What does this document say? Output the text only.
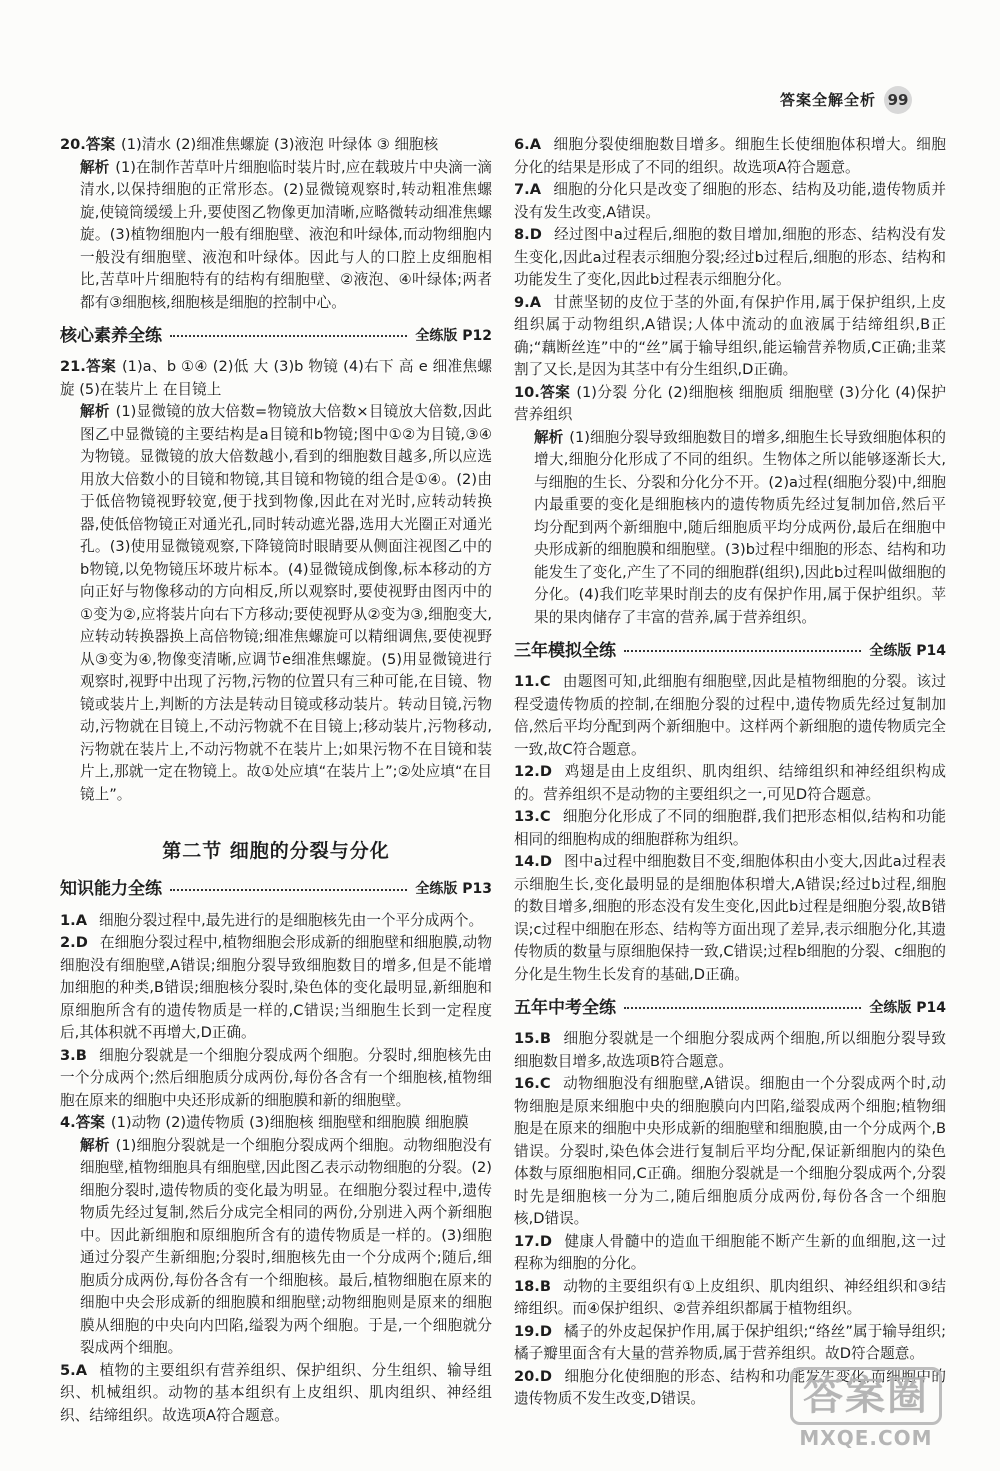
答案全解全析 99

20.答案 (1)清水 (2)细准焦螺旋 (3)液泡 叶绿体 ③ 细胞核

解析 (1)在制作苦草叶片细胞临时装片时,应在载玻片中央滴一滴清水,以保持细胞的正常形态。(2)显微镜观察时,转动粗准焦螺旋,使镜筒缓缓上升,要使图乙物像更加清晰,应略微转动细准焦螺旋。(3)植物细胞内一般有细胞壁、液泡和叶绿体,而动物细胞内一般没有细胞壁、液泡和叶绿体。因此与人的口腔上皮细胞相比,苦草叶片细胞特有的结构有细胞壁、②液泡、④叶绿体;两者都有③细胞核,细胞核是细胞的控制中心。

核心素养全练	全练版 P12

21.答案 (1)a、b ①④ (2)低 大 (3)b 物镜 (4)右下 高 e 细准焦螺旋 (5)在装片上 在目镜上

解析 (1)显微镜的放大倍数=物镜放大倍数×目镜放大倍数,因此图乙中显微镜的主要结构是a目镜和b物镜;图中①②为目镜,③④为物镜。显微镜的放大倍数越小,看到的细胞数目越多,所以应选用放大倍数小的目镜和物镜,其目镜和物镜的组合是①④。(2)由于低倍物镜视野较宽,便于找到物像,因此在对光时,应转动转换器,使低倍物镜正对通光孔,同时转动遮光器,选用大光圈正对通光孔。(3)使用显微镜观察,下降镜筒时眼睛要从侧面注视图乙中的b物镜,以免物镜压坏玻片标本。(4)显微镜成倒像,标本移动的方向正好与物像移动的方向相反,所以观察时,要使视野由图丙中的①变为②,应将装片向右下方移动;要使视野从②变为③,细胞变大,应转动转换器换上高倍物镜;细准焦螺旋可以精细调焦,要使视野从③变为④,物像变清晰,应调节e细准焦螺旋。(5)用显微镜进行观察时,视野中出现了污物,污物的位置只有三种可能,在目镜、物镜或装片上,判断的方法是转动目镜或移动装片。转动目镜,污物动,污物就在目镜上,不动污物就不在目镜上;移动装片,污物移动,污物就在装片上,不动污物就不在装片上;如果污物不在目镜和装片上,那就一定在物镜上。故①处应填“在装片上”;②处应填“在目镜上”。

第二节 细胞的分裂与分化
知识能力全练	全练版 P13

1.A 细胞分裂过程中,最先进行的是细胞核先由一个平分成两个。

2.D 在细胞分裂过程中,植物细胞会形成新的细胞壁和细胞膜,动物细胞没有细胞壁,A错误;细胞分裂导致细胞数目的增多,但是不能增加细胞的种类,B错误;细胞核分裂时,染色体的变化最明显,新细胞和原细胞所含有的遗传物质是一样的,C错误;当细胞生长到一定程度后,其体积就不再增大,D正确。

3.B 细胞分裂就是一个细胞分裂成两个细胞。分裂时,细胞核先由一个分成两个;然后细胞质分成两份,每份各含有一个细胞核,植物细胞在原来的细胞中央还形成新的细胞膜和新的细胞壁。

4.答案 (1)动物 (2)遗传物质 (3)细胞核 细胞壁和细胞膜 细胞膜

解析 (1)细胞分裂就是一个细胞分裂成两个细胞。动物细胞没有细胞壁,植物细胞具有细胞壁,因此图乙表示动物细胞的分裂。(2)细胞分裂时,遗传物质的变化最为明显。在细胞分裂过程中,遗传物质先经过复制,然后分成完全相同的两份,分别进入两个新细胞中。因此新细胞和原细胞所含有的遗传物质是一样的。(3)细胞通过分裂产生新细胞;分裂时,细胞核先由一个分成两个;随后,细胞质分成两份,每份各含有一个细胞核。最后,植物细胞在原来的细胞中央会形成新的细胞膜和细胞壁;动物细胞则是原来的细胞膜从细胞的中央向内凹陷,缢裂为两个细胞。于是,一个细胞就分裂成两个细胞。

5.A 植物的主要组织有营养组织、保护组织、分生组织、输导组织、机械组织。动物的基本组织有上皮组织、肌肉组织、神经组织、结缔组织。故选项A符合题意。

6.A 细胞分裂使细胞数目增多。细胞生长使细胞体积增大。细胞分化的结果是形成了不同的组织。故选项A符合题意。

7.A 细胞的分化只是改变了细胞的形态、结构及功能,遗传物质并没有发生改变,A错误。

8.D 经过图中a过程后,细胞的数目增加,细胞的形态、结构没有发生变化,因此a过程表示细胞分裂;经过b过程后,细胞的形态、结构和功能发生了变化,因此b过程表示细胞分化。

9.A 甘蔗坚韧的皮位于茎的外面,有保护作用,属于保护组织,上皮组织属于动物组织,A错误;人体中流动的血液属于结缔组织,B正确;“藕断丝连”中的“丝”属于输导组织,能运输营养物质,C正确;韭菜割了又长,是因为其茎中有分生组织,D正确。

10.答案 (1)分裂 分化 (2)细胞核 细胞质 细胞壁 (3)分化 (4)保护 营养组织

解析 (1)细胞分裂导致细胞数目的增多,细胞生长导致细胞体积的增大,细胞分化形成了不同的组织。生物体之所以能够逐渐长大,与细胞的生长、分裂和分化分不开。(2)a过程(细胞分裂)中,细胞内最重要的变化是细胞核内的遗传物质先经过复制加倍,然后平均分配到两个新细胞中,随后细胞质平均分成两份,最后在细胞中央形成新的细胞膜和细胞壁。(3)b过程中细胞的形态、结构和功能发生了变化,产生了不同的细胞群(组织),因此b过程叫做细胞的分化。(4)我们吃苹果时削去的皮有保护作用,属于保护组织。苹果的果肉储存了丰富的营养,属于营养组织。

三年模拟全练	全练版 P14

11.C 由题图可知,此细胞有细胞壁,因此是植物细胞的分裂。该过程受遗传物质的控制,在细胞分裂的过程中,遗传物质先经过复制加倍,然后平均分配到两个新细胞中。这样两个新细胞的遗传物质完全一致,故C符合题意。

12.D 鸡翅是由上皮组织、肌肉组织、结缔组织和神经组织构成的。营养组织不是动物的主要组织之一,可见D符合题意。

13.C 细胞分化形成了不同的细胞群,我们把形态相似,结构和功能相同的细胞构成的细胞群称为组织。

14.D 图中a过程中细胞数目不变,细胞体积由小变大,因此a过程表示细胞生长,变化最明显的是细胞体积增大,A错误;经过b过程,细胞的数目增多,细胞的形态没有发生变化,因此b过程是细胞分裂,故B错误;c过程中细胞在形态、结构等方面出现了差异,表示细胞分化,其遗传物质的数量与原细胞保持一致,C错误;过程b细胞的分裂、c细胞的分化是生物生长发育的基础,D正确。

五年中考全练	全练版 P14

15.B 细胞分裂就是一个细胞分裂成两个细胞,所以细胞分裂导致细胞数目增多,故选项B符合题意。

16.C 动物细胞没有细胞壁,A错误。细胞由一个分裂成两个时,动物细胞是原来细胞中央的细胞膜向内凹陷,缢裂成两个细胞;植物细胞是在原来的细胞中央形成新的细胞壁和细胞膜,由一个分成两个,B错误。分裂时,染色体会进行复制后平均分配,保证新细胞内的染色体数与原细胞相同,C正确。细胞分裂就是一个细胞分裂成两个,分裂时先是细胞核一分为二,随后细胞质分成两份,每份各含一个细胞核,D错误。

17.D 健康人骨髓中的造血干细胞能不断产生新的血细胞,这一过程称为细胞的分化。

18.B 动物的主要组织有①上皮组织、肌肉组织、神经组织和③结缔组织。而④保护组织、②营养组织都属于植物组织。

19.D 橘子的外皮起保护作用,属于保护组织;“络丝”属于输导组织;橘子瓣里面含有大量的营养物质,属于营养组织。故D符合题意。

20.D 细胞分化使细胞的形态、结构和功能发生变化,而细胞中的遗传物质不发生改变,D错误。	答案圈
MXQE.COM
